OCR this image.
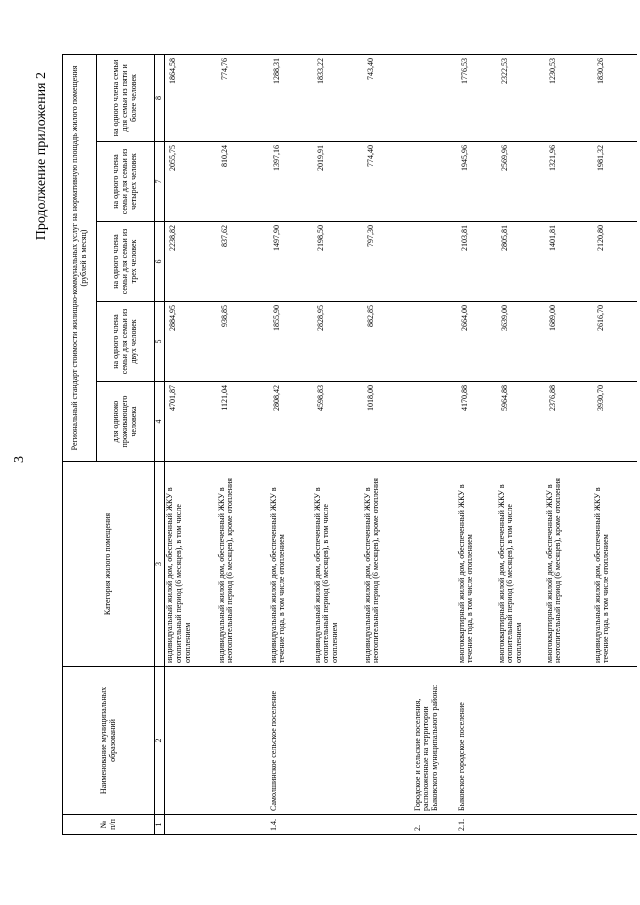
3
Продолжение приложения 2
№ п/п	Наименование муниципальных образований	Категория жилого помещения	Региональный стандарт стоимости жилищно-коммунальных услуг на нормативную площадь жилого помещения (рублей в месяц)				
			для одиноко проживающего человека	на одного члена семьи для семьи из двух человек	на одного члена семьи для семьи из трех человек	на одного члена семьи для семьи из четырех человек	на одного члена семьи для семьи из пяти и более человек
1	2	3	4	5	6	7	8
		индивидуальный жилой дом, обеспеченный ЖКУ в отопительный период (6 месяцев), в том числе отоплением	4701,87	2884,95	2238,82	2055,75	1864,58
		индивидуальный жилой дом, обеспеченный ЖКУ в неотопительный период (6 месяцев), кроме отопления	1121,04	938,85	837,62	810,24	774,76
1.4.	Самолшинское сельское поселение	индивидуальный жилой дом, обеспеченный ЖКУ в течение года, в том числе отоплением	2808,42	1855,90	1497,90	1397,16	1288,31
		индивидуальный жилой дом, обеспеченный ЖКУ в отопительный период (6 месяцев), в том числе отоплением	4598,83	2828,95	2198,50	2019,91	1833,22
		индивидуальный жилой дом, обеспеченный ЖКУ в неотопительный период (6 месяцев), кроме отопления	1018,00	882,85	797,30	774,40	743,40
2.	Городское и сельские поселения, расположенные на территории Быковского муниципального района:						
2.1.	Быковское городское поселение	многоквартирный жилой дом, обеспеченный ЖКУ в течение года, в том числе отоплением	4170,88	2664,00	2103,81	1945,96	1776,53
		многоквартирный жилой дом, обеспеченный ЖКУ в отопительный период (6 месяцев), в том числе отоплением	5964,88	3639,00	2805,81	2569,96	2322,53
		многоквартирный жилой дом, обеспеченный ЖКУ в неотопительный период (6 месяцев), кроме отопления	2376,88	1689,00	1401,81	1321,96	1230,53
		индивидуальный жилой дом, обеспеченный ЖКУ в течение года, в том числе отоплением	3930,70	2616,70	2120,80	1981,32	1830,26
